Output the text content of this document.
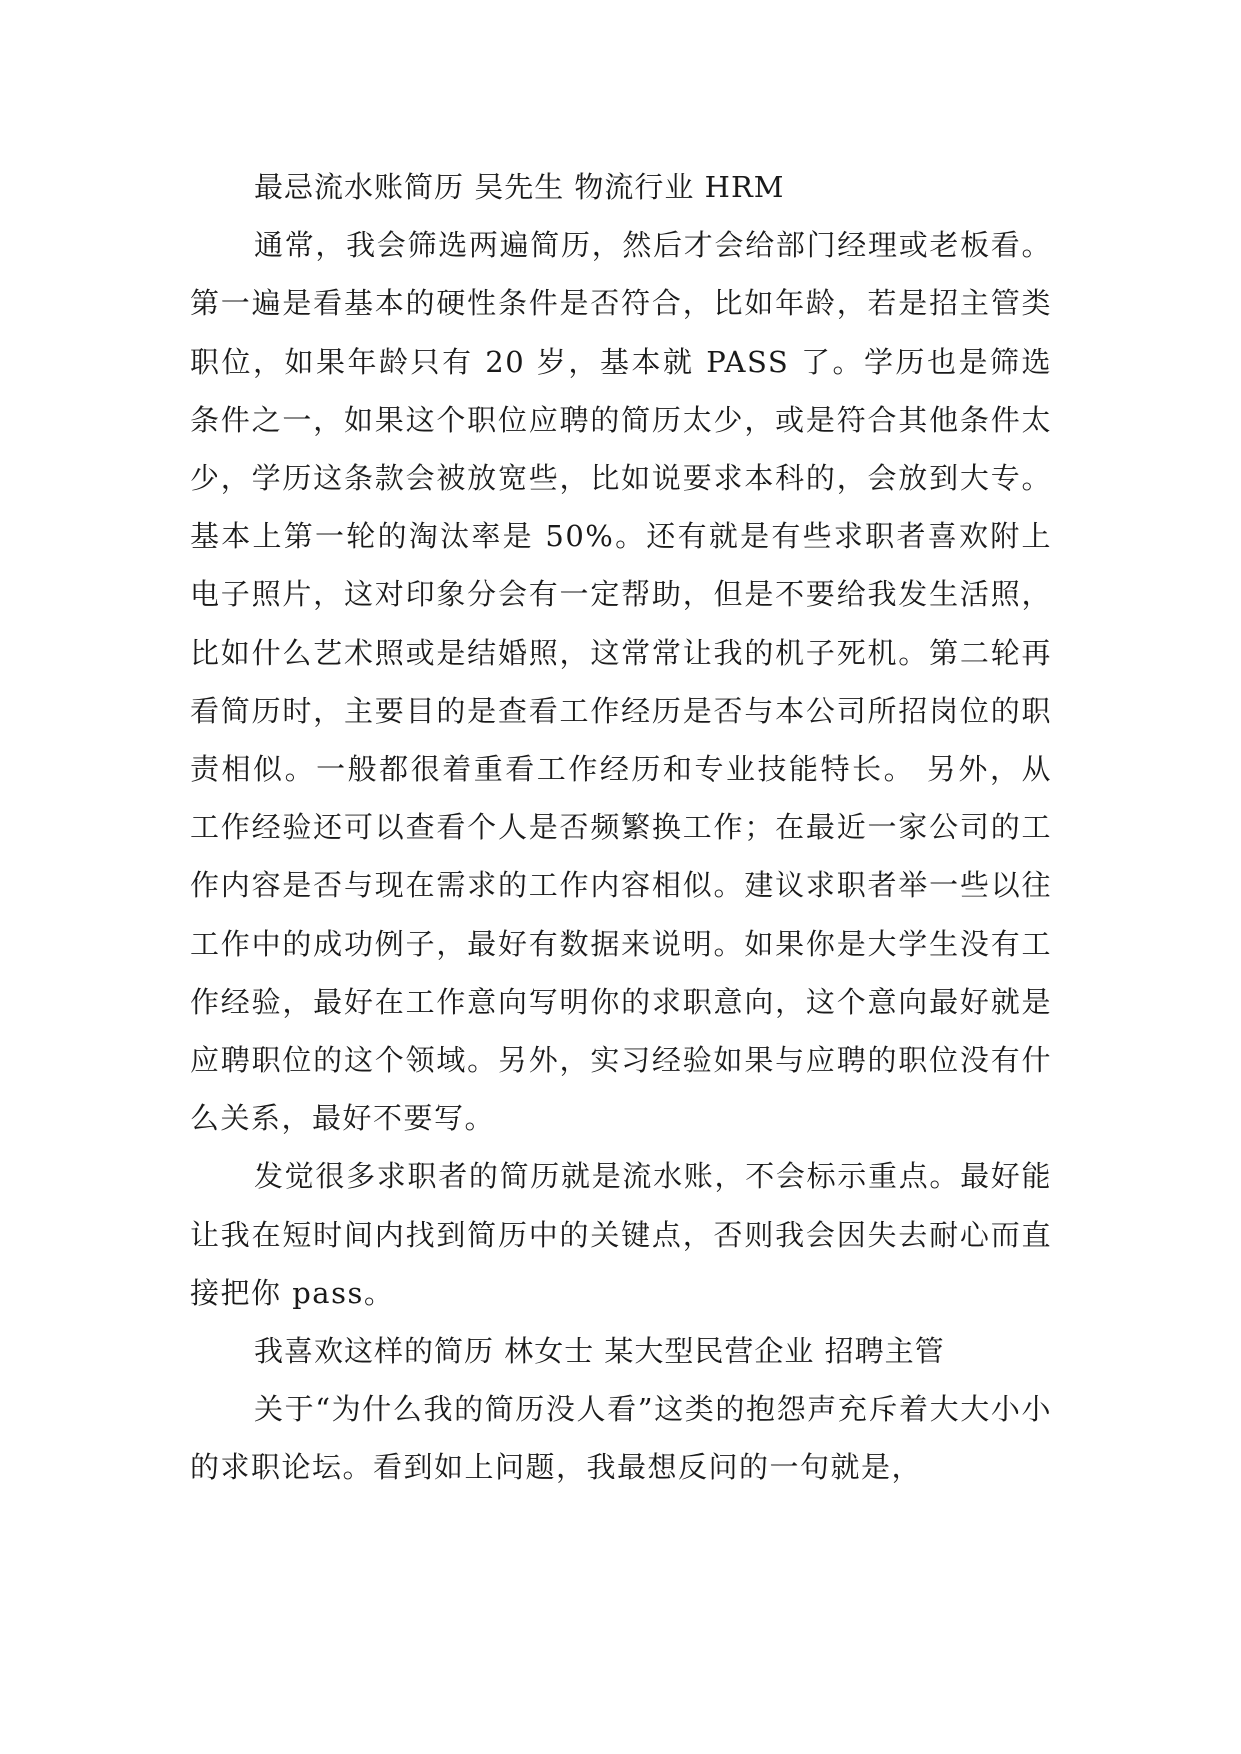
最忌流水账简历 吴先生 物流行业 HRM

通常，我会筛选两遍简历，然后才会给部门经理或老板看。第一遍是看基本的硬性条件是否符合，比如年龄，若是招主管类职位，如果年龄只有 20 岁，基本就 PASS 了。学历也是筛选条件之一，如果这个职位应聘的简历太少，或是符合其他条件太少，学历这条款会被放宽些，比如说要求本科的，会放到大专。基本上第一轮的淘汰率是 50%。还有就是有些求职者喜欢附上电子照片，这对印象分会有一定帮助，但是不要给我发生活照，比如什么艺术照或是结婚照，这常常让我的机子死机。第二轮再看简历时，主要目的是查看工作经历是否与本公司所招岗位的职责相似。一般都很着重看工作经历和专业技能特长。 另外，从工作经验还可以查看个人是否频繁换工作；在最近一家公司的工作内容是否与现在需求的工作内容相似。建议求职者举一些以往工作中的成功例子，最好有数据来说明。如果你是大学生没有工作经验，最好在工作意向写明你的求职意向，这个意向最好就是应聘职位的这个领域。另外，实习经验如果与应聘的职位没有什么关系，最好不要写。

发觉很多求职者的简历就是流水账，不会标示重点。最好能让我在短时间内找到简历中的关键点，否则我会因失去耐心而直接把你 pass。

我喜欢这样的简历 林女士 某大型民营企业 招聘主管

关于“为什么我的简历没人看”这类的抱怨声充斥着大大小小的求职论坛。看到如上问题，我最想反问的一句就是，
